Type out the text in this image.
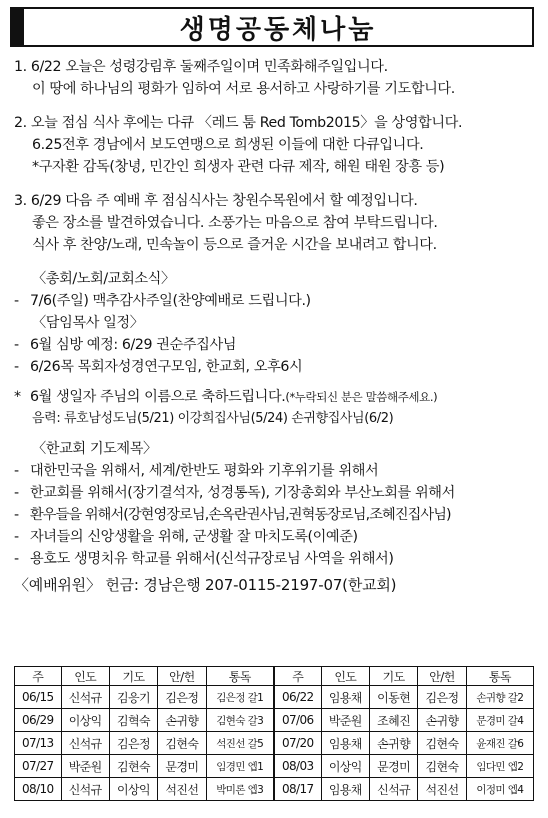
생명공동체나눔
1. 6/22 오늘은 성령강림후 둘째주일이며 민족화해주일입니다.
이 땅에 하나님의 평화가 임하여 서로 용서하고 사랑하기를 기도합니다.
2. 오늘 점심 식사 후에는 다큐 〈레드 툼 Red Tomb2015〉을 상영합니다.
6.25전후 경남에서 보도연맹으로 희생된 이들에 대한 다큐입니다.
*구자환 감독(창녕, 민간인 희생자 관련 다큐 제작, 해원 태원 장흥 등)
3. 6/29 다음 주 예배 후 점심식사는 창원수목원에서 할 예정입니다.
좋은 장소를 발견하였습니다. 소풍가는 마음으로 참여 부탁드립니다.
식사 후 찬양/노래, 민속놀이 등으로 즐거운 시간을 보내려고 합니다.
〈총회/노회/교회소식〉
- 7/6(주일) 맥추감사주일(찬양예배로 드립니다.)
〈담임목사 일정〉
- 6월 심방 예정: 6/29 권순주집사님
- 6/26목 목회자성경연구모임, 한교회, 오후6시
* 6월 생일자 주님의 이름으로 축하드립니다.(*누락되신 분은 말씀해주세요.)
음력: 류호남성도님(5/21) 이강희집사님(5/24) 손귀향집사님(6/2)
〈한교회 기도제목〉
- 대한민국을 위해서, 세계/한반도 평화와 기후위기를 위해서
- 한교회를 위해서(장기결석자, 성경통독), 기장총회와 부산노회를 위해서
- 환우들을 위해서(강현영장로님,손옥란권사님,권혁동장로님,조혜진집사님)
- 자녀들의 신앙생활을 위해, 군생활 잘 마치도록(이예준)
- 용호도 생명치유 학교를 위해서(신석규장로님 사역을 위해서)
〈예배위원〉 헌금: 경남은행 207-0115-2197-07(한교회)
주	인도	기도	안/헌	통독	주	인도	기도	안/헌	통독
06/15	신석규	김응기	김은정	김은정 갈1	06/22	임용채	이동현	김은정	손귀향 갈2
06/29	이상익	김혁숙	손귀향	김현숙 갈3	07/06	박준원	조혜진	손귀향	문경미 갈4
07/13	신석규	김은정	김현숙	석진선 갈5	07/20	임용채	손귀향	김현숙	윤재진 갈6
07/27	박준원	김현숙	문경미	임경민 엡1	08/03	이상익	문경미	김현숙	임다민 엡2
08/10	신석규	이상익	석진선	박미론 엡3	08/17	임용채	신석규	석진선	이정미 엡4
